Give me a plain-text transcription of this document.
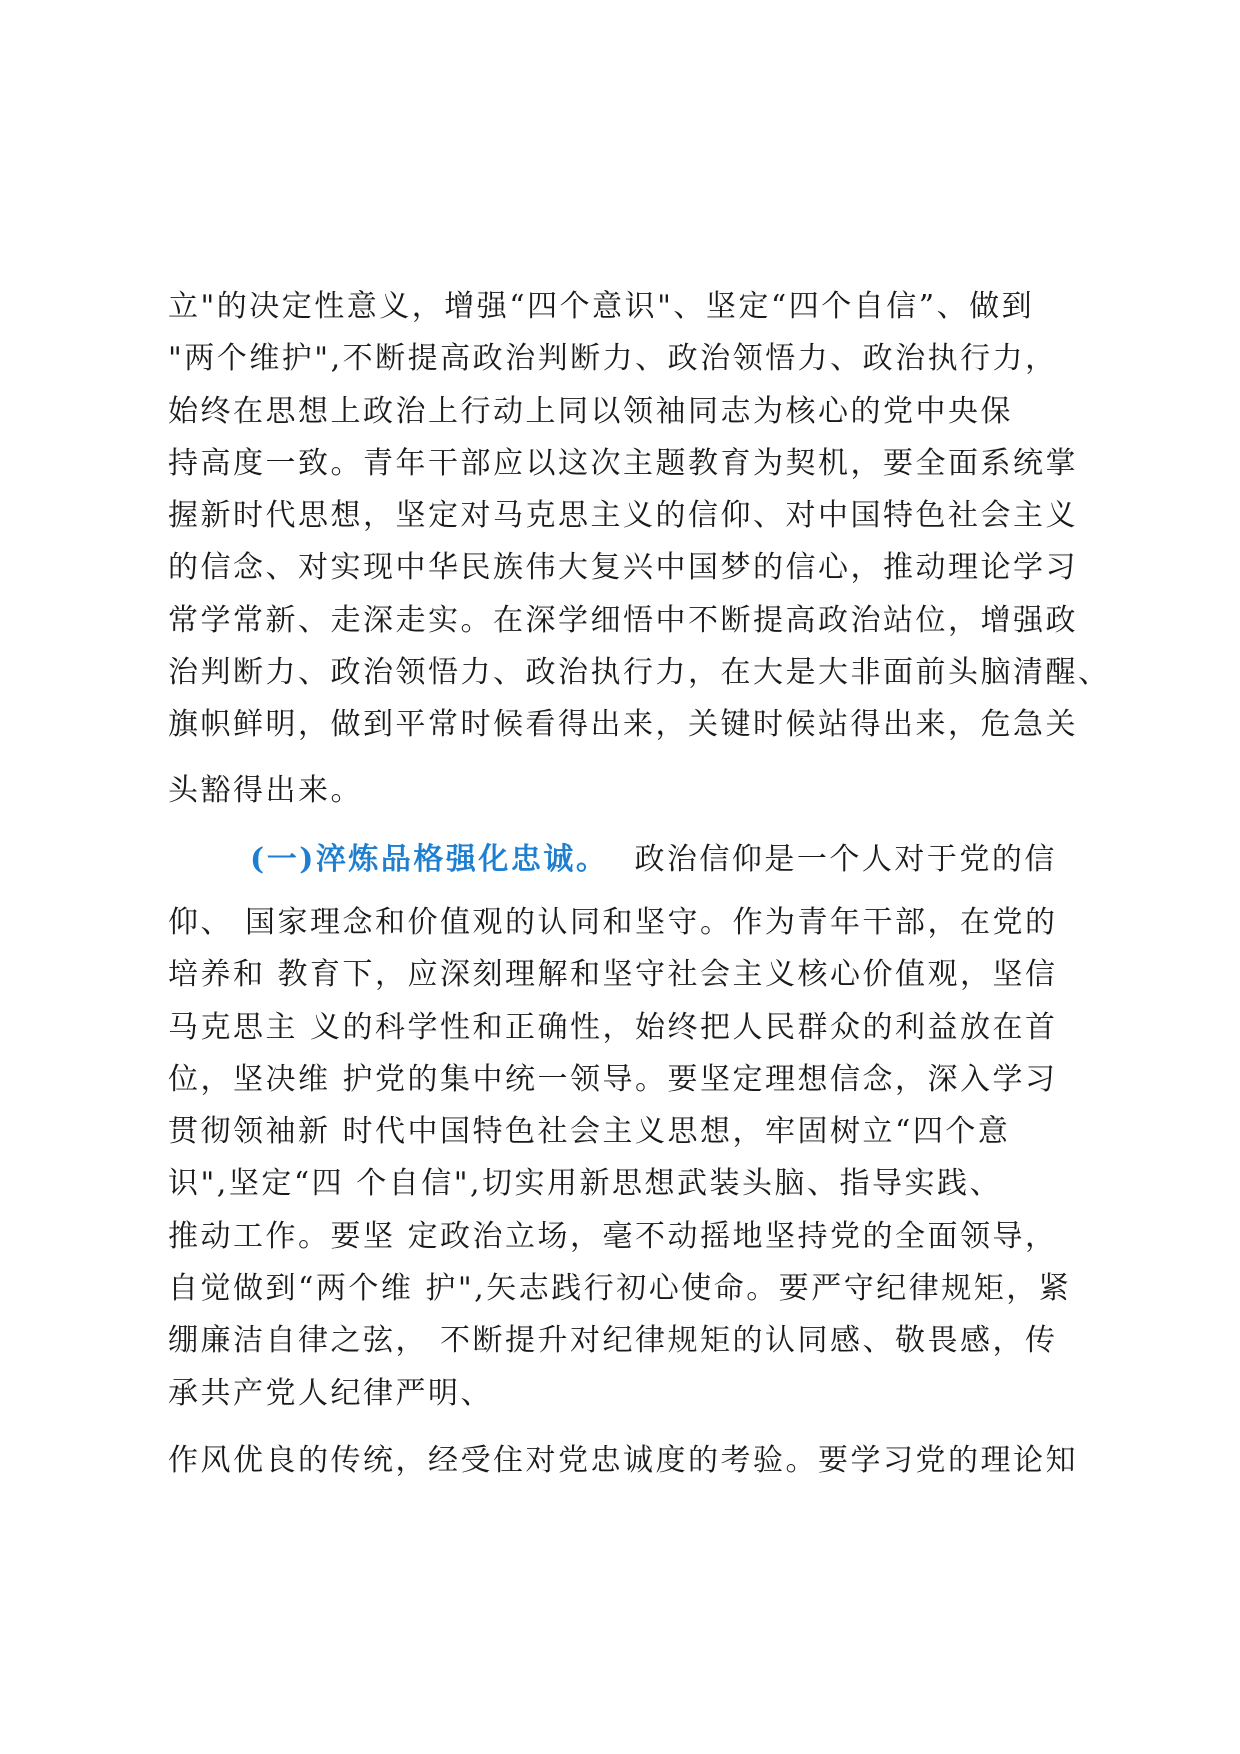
立"的决定性意义，增强“四个意识"、坚定“四个自信”、做到
"两个维护",不断提高政治判断力、政治领悟力、政治执行力，
始终在思想上政治上行动上同以领袖同志为核心的党中央保
持高度一致。青年干部应以这次主题教育为契机，要全面系统掌
握新时代思想，坚定对马克思主义的信仰、对中国特色社会主义
的信念、对实现中华民族伟大复兴中国梦的信心，推动理论学习
常学常新、走深走实。在深学细悟中不断提高政治站位，增强政
治判断力、政治领悟力、政治执行力，在大是大非面前头脑清醒、
旗帜鲜明，做到平常时候看得出来，关键时候站得出来，危急关
头豁得出来。
(一)淬炼品格强化忠诚。 政治信仰是一个人对于党的信
仰、 国家理念和价值观的认同和坚守。作为青年干部，在党的
培养和 教育下，应深刻理解和坚守社会主义核心价值观，坚信
马克思主 义的科学性和正确性，始终把人民群众的利益放在首
位，坚决维 护党的集中统一领导。要坚定理想信念，深入学习
贯彻领袖新 时代中国特色社会主义思想，牢固树立“四个意
识",坚定“四 个自信",切实用新思想武装头脑、指导实践、
推动工作。要坚 定政治立场，毫不动摇地坚持党的全面领导，
自觉做到“两个维 护",矢志践行初心使命。要严守纪律规矩，紧
绷廉洁自律之弦， 不断提升对纪律规矩的认同感、敬畏感，传
承共产党人纪律严明、
作风优良的传统，经受住对党忠诚度的考验。要学习党的理论知
